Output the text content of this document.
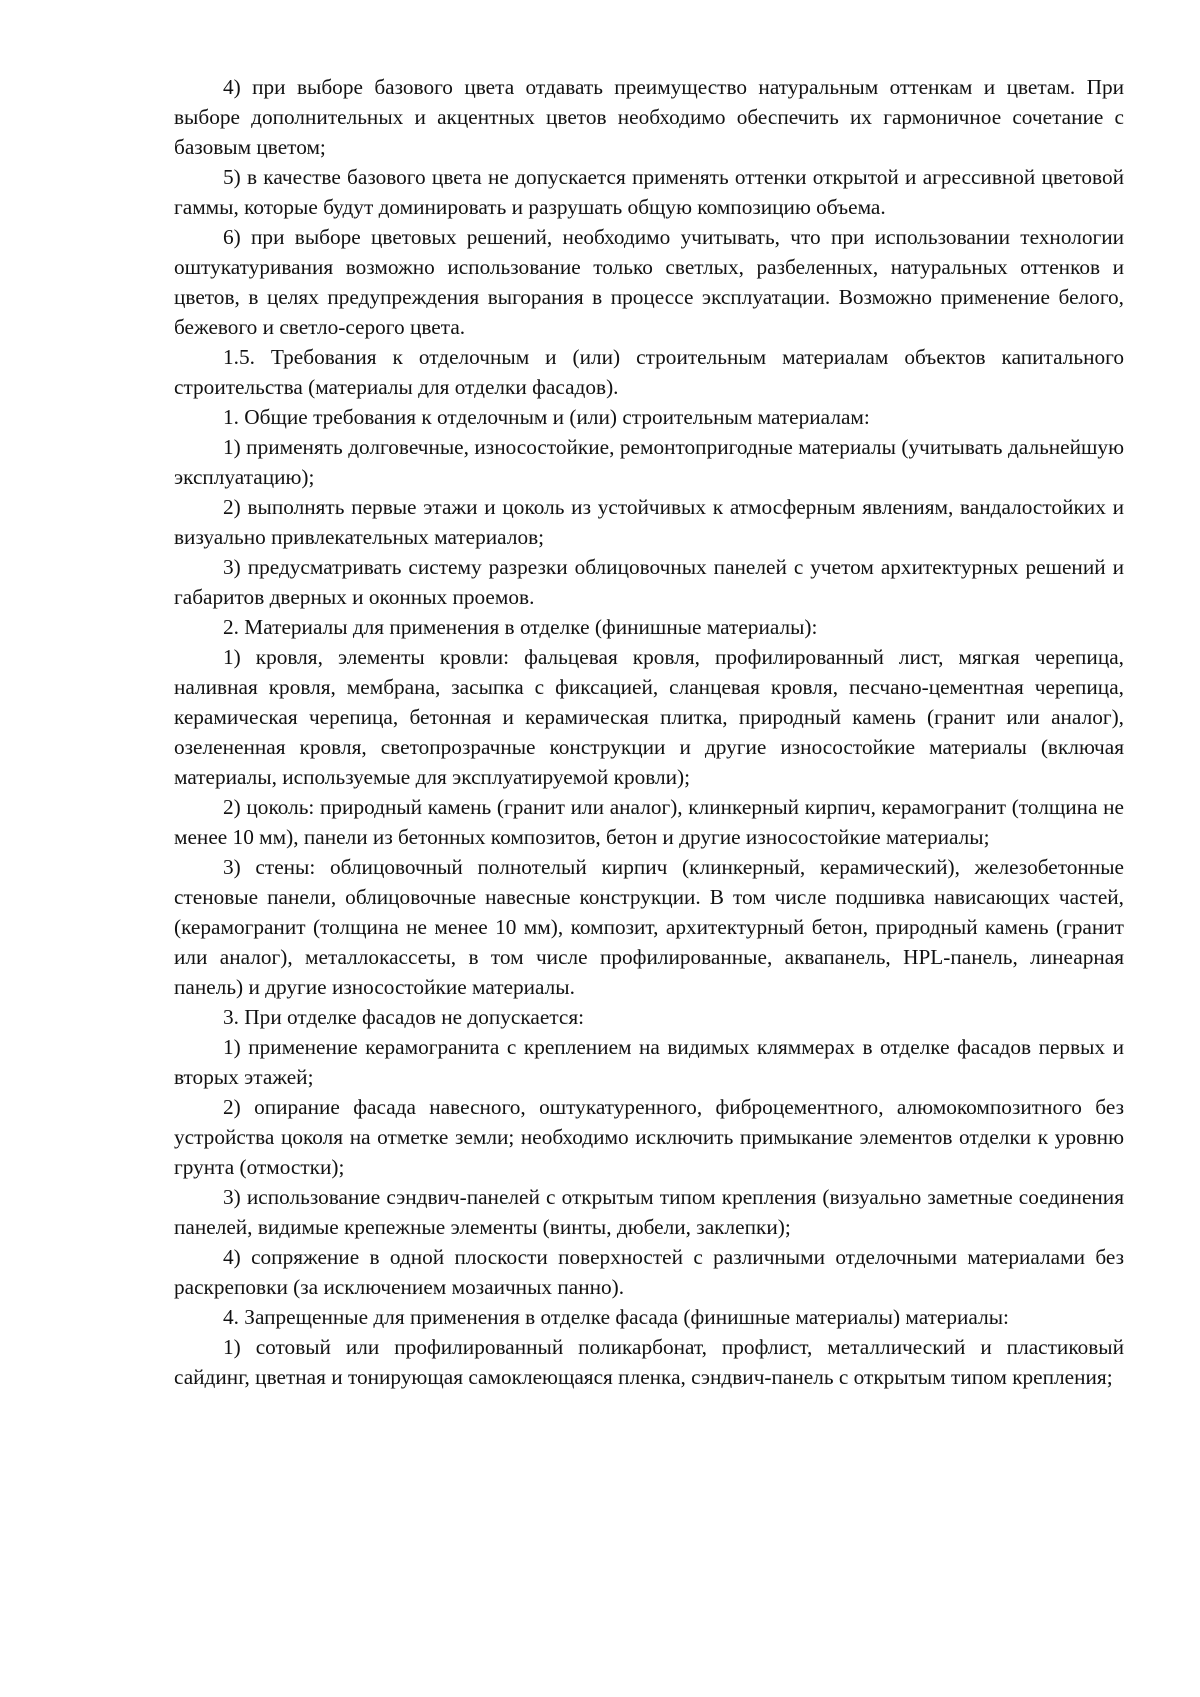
4) при выборе базового цвета отдавать преимущество натуральным оттенкам и цветам. При выборе дополнительных и акцентных цветов необходимо обеспечить их гармоничное сочетание с базовым цветом;

5) в качестве базового цвета не допускается применять оттенки открытой и агрессивной цветовой гаммы, которые будут доминировать и разрушать общую композицию объема.

6) при выборе цветовых решений, необходимо учитывать, что при использовании технологии оштукатуривания возможно использование только светлых, разбеленных, натуральных оттенков и цветов, в целях предупреждения выгорания в процессе эксплуатации. Возможно применение белого, бежевого и светло-серого цвета.

1.5. Требования к отделочным и (или) строительным материалам объектов капитального строительства (материалы для отделки фасадов).

1. Общие требования к отделочным и (или) строительным материалам:

1) применять долговечные, износостойкие, ремонтопригодные материалы (учитывать дальнейшую эксплуатацию);

2) выполнять первые этажи и цоколь из устойчивых к атмосферным явлениям, вандалостойких и визуально привлекательных материалов;

3) предусматривать систему разрезки облицовочных панелей с учетом архитектурных решений и габаритов дверных и оконных проемов.

2. Материалы для применения в отделке (финишные материалы):

1) кровля, элементы кровли: фальцевая кровля, профилированный лист, мягкая черепица, наливная кровля, мембрана, засыпка с фиксацией, сланцевая кровля, песчано-цементная черепица, керамическая черепица, бетонная и керамическая плитка, природный камень (гранит или аналог), озелененная кровля, светопрозрачные конструкции и другие износостойкие материалы (включая материалы, используемые для эксплуатируемой кровли);

2) цоколь: природный камень (гранит или аналог), клинкерный кирпич, керамогранит (толщина не менее 10 мм), панели из бетонных композитов, бетон и другие износостойкие материалы;

3) стены: облицовочный полнотелый кирпич (клинкерный, керамический), железобетонные стеновые панели, облицовочные навесные конструкции. В том числе подшивка нависающих частей, (керамогранит (толщина не менее 10 мм), композит, архитектурный бетон, природный камень (гранит или аналог), металлокассеты, в том числе профилированные, аквапанель, HPL-панель, линеарная панель) и другие износостойкие материалы.

3. При отделке фасадов не допускается:

1) применение керамогранита с креплением на видимых кляммерах в отделке фасадов первых и вторых этажей;

2) опирание фасада навесного, оштукатуренного, фиброцементного, алюмокомпозитного без устройства цоколя на отметке земли; необходимо исключить примыкание элементов отделки к уровню грунта (отмостки);

3) использование сэндвич-панелей с открытым типом крепления (визуально заметные соединения панелей, видимые крепежные элементы (винты, дюбели, заклепки);

4) сопряжение в одной плоскости поверхностей с различными отделочными материалами без раскреповки (за исключением мозаичных панно).

4. Запрещенные для применения в отделке фасада (финишные материалы) материалы:

1) сотовый или профилированный поликарбонат, профлист, металлический и пластиковый сайдинг, цветная и тонирующая самоклеющаяся пленка, сэндвич-панель с открытым типом крепления;
